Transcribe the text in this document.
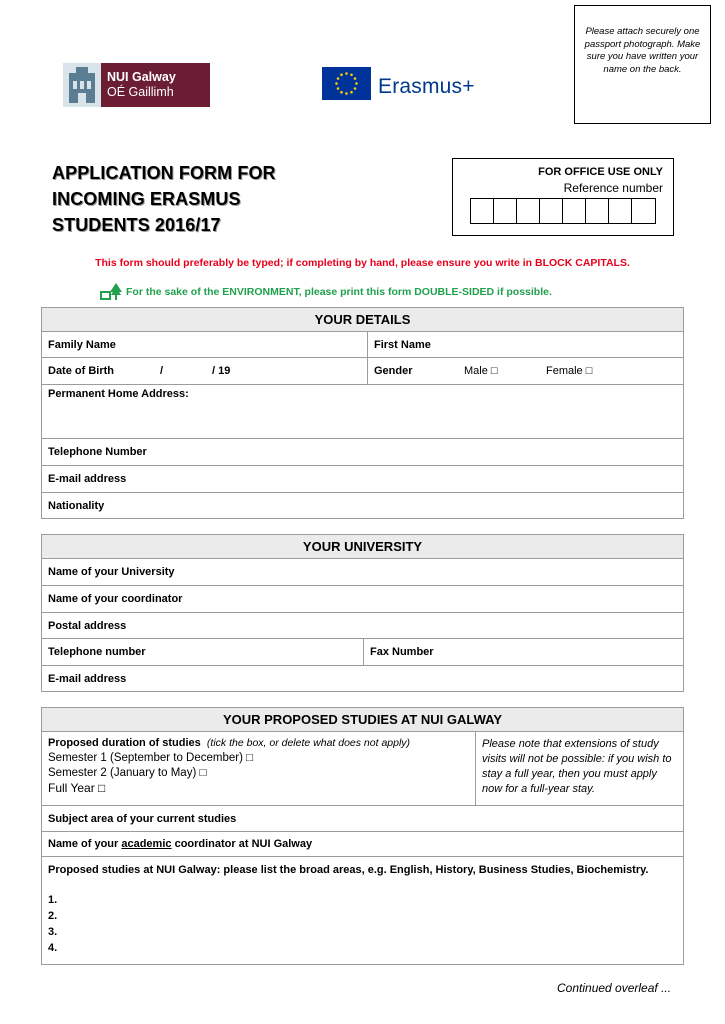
NUI Galway
OÉ Gaillimh	Erasmus+
Please attach securely one passport photograph. Make sure you have written your name on the back.
APPLICATION FORM FOR
INCOMING ERASMUS
STUDENTS 2016/17
FOR OFFICE USE ONLY
Reference number
This form should preferably be typed; if completing by hand, please ensure you write in BLOCK CAPITALS.
For the sake of the ENVIRONMENT, please print this form DOUBLE-SIDED if possible.
YOUR DETAILS
Family Name	First Name
Date of Birth	/	/ 19	Gender	Male □	Female □
Permanent Home Address:
Telephone Number
E-mail address
Nationality
YOUR UNIVERSITY
Name of your University
Name of your coordinator
Postal address
Telephone number	Fax Number
E-mail address
YOUR PROPOSED STUDIES AT NUI GALWAY
Proposed duration of studies (tick the box, or delete what does not apply)
Semester 1 (September to December) □
Semester 2 (January to May) □
Full Year □
Please note that extensions of study visits will not be possible: if you wish to stay a full year, then you must apply now for a full-year stay.
Subject area of your current studies
Name of your academic coordinator at NUI Galway
Proposed studies at NUI Galway: please list the broad areas, e.g. English, History, Business Studies, Biochemistry.
1.
2.
3.
4.
Continued overleaf ...
